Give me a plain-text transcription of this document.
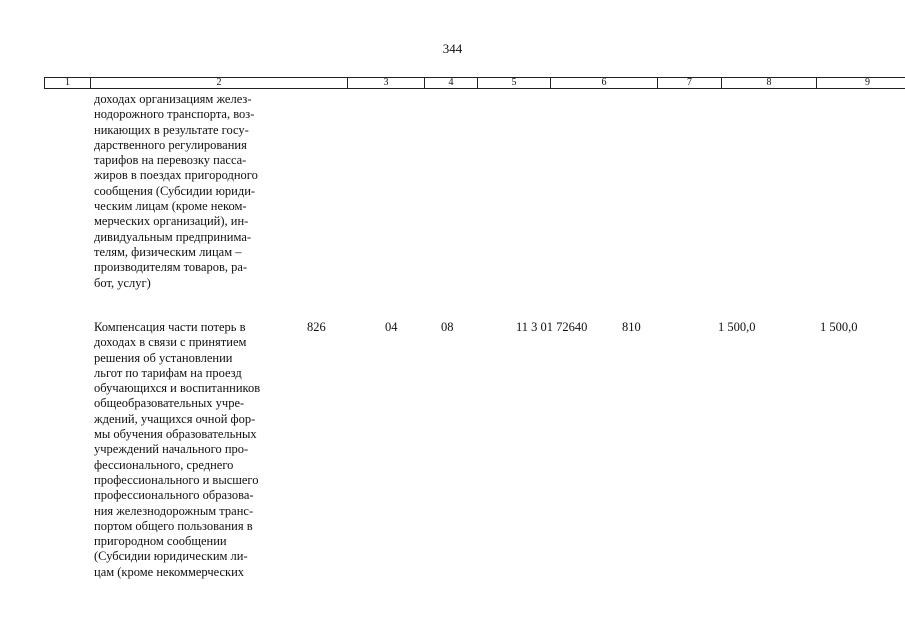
344
1	2	3	4	5	6	7	8	9
доходах организациям желез-
нодорожного транспорта, воз-
никающих в результате госу-
дарственного регулирования
тарифов на перевозку пасса-
жиров в поездах пригородного
сообщения (Субсидии юриди-
ческим лицам (кроме неком-
мерческих организаций), ин-
дивидуальным предпринима-
телям, физическим лицам –
производителям товаров, ра-
бот, услуг)
Компенсация части потерь в
доходах в связи с принятием
решения об установлении
льгот по тарифам на проезд
обучающихся и воспитанников
общеобразовательных учре-
ждений, учащихся очной фор-
мы обучения образовательных
учреждений начального про-
фессионального, среднего
профессионального и высшего
профессионального образова-
ния железнодорожным транс-
портом общего пользования в
пригородном сообщении
(Субсидии юридическим ли-
цам (кроме некоммерческих
826	04	08	11 3 01 72640	810	1 500,0	1 500,0
